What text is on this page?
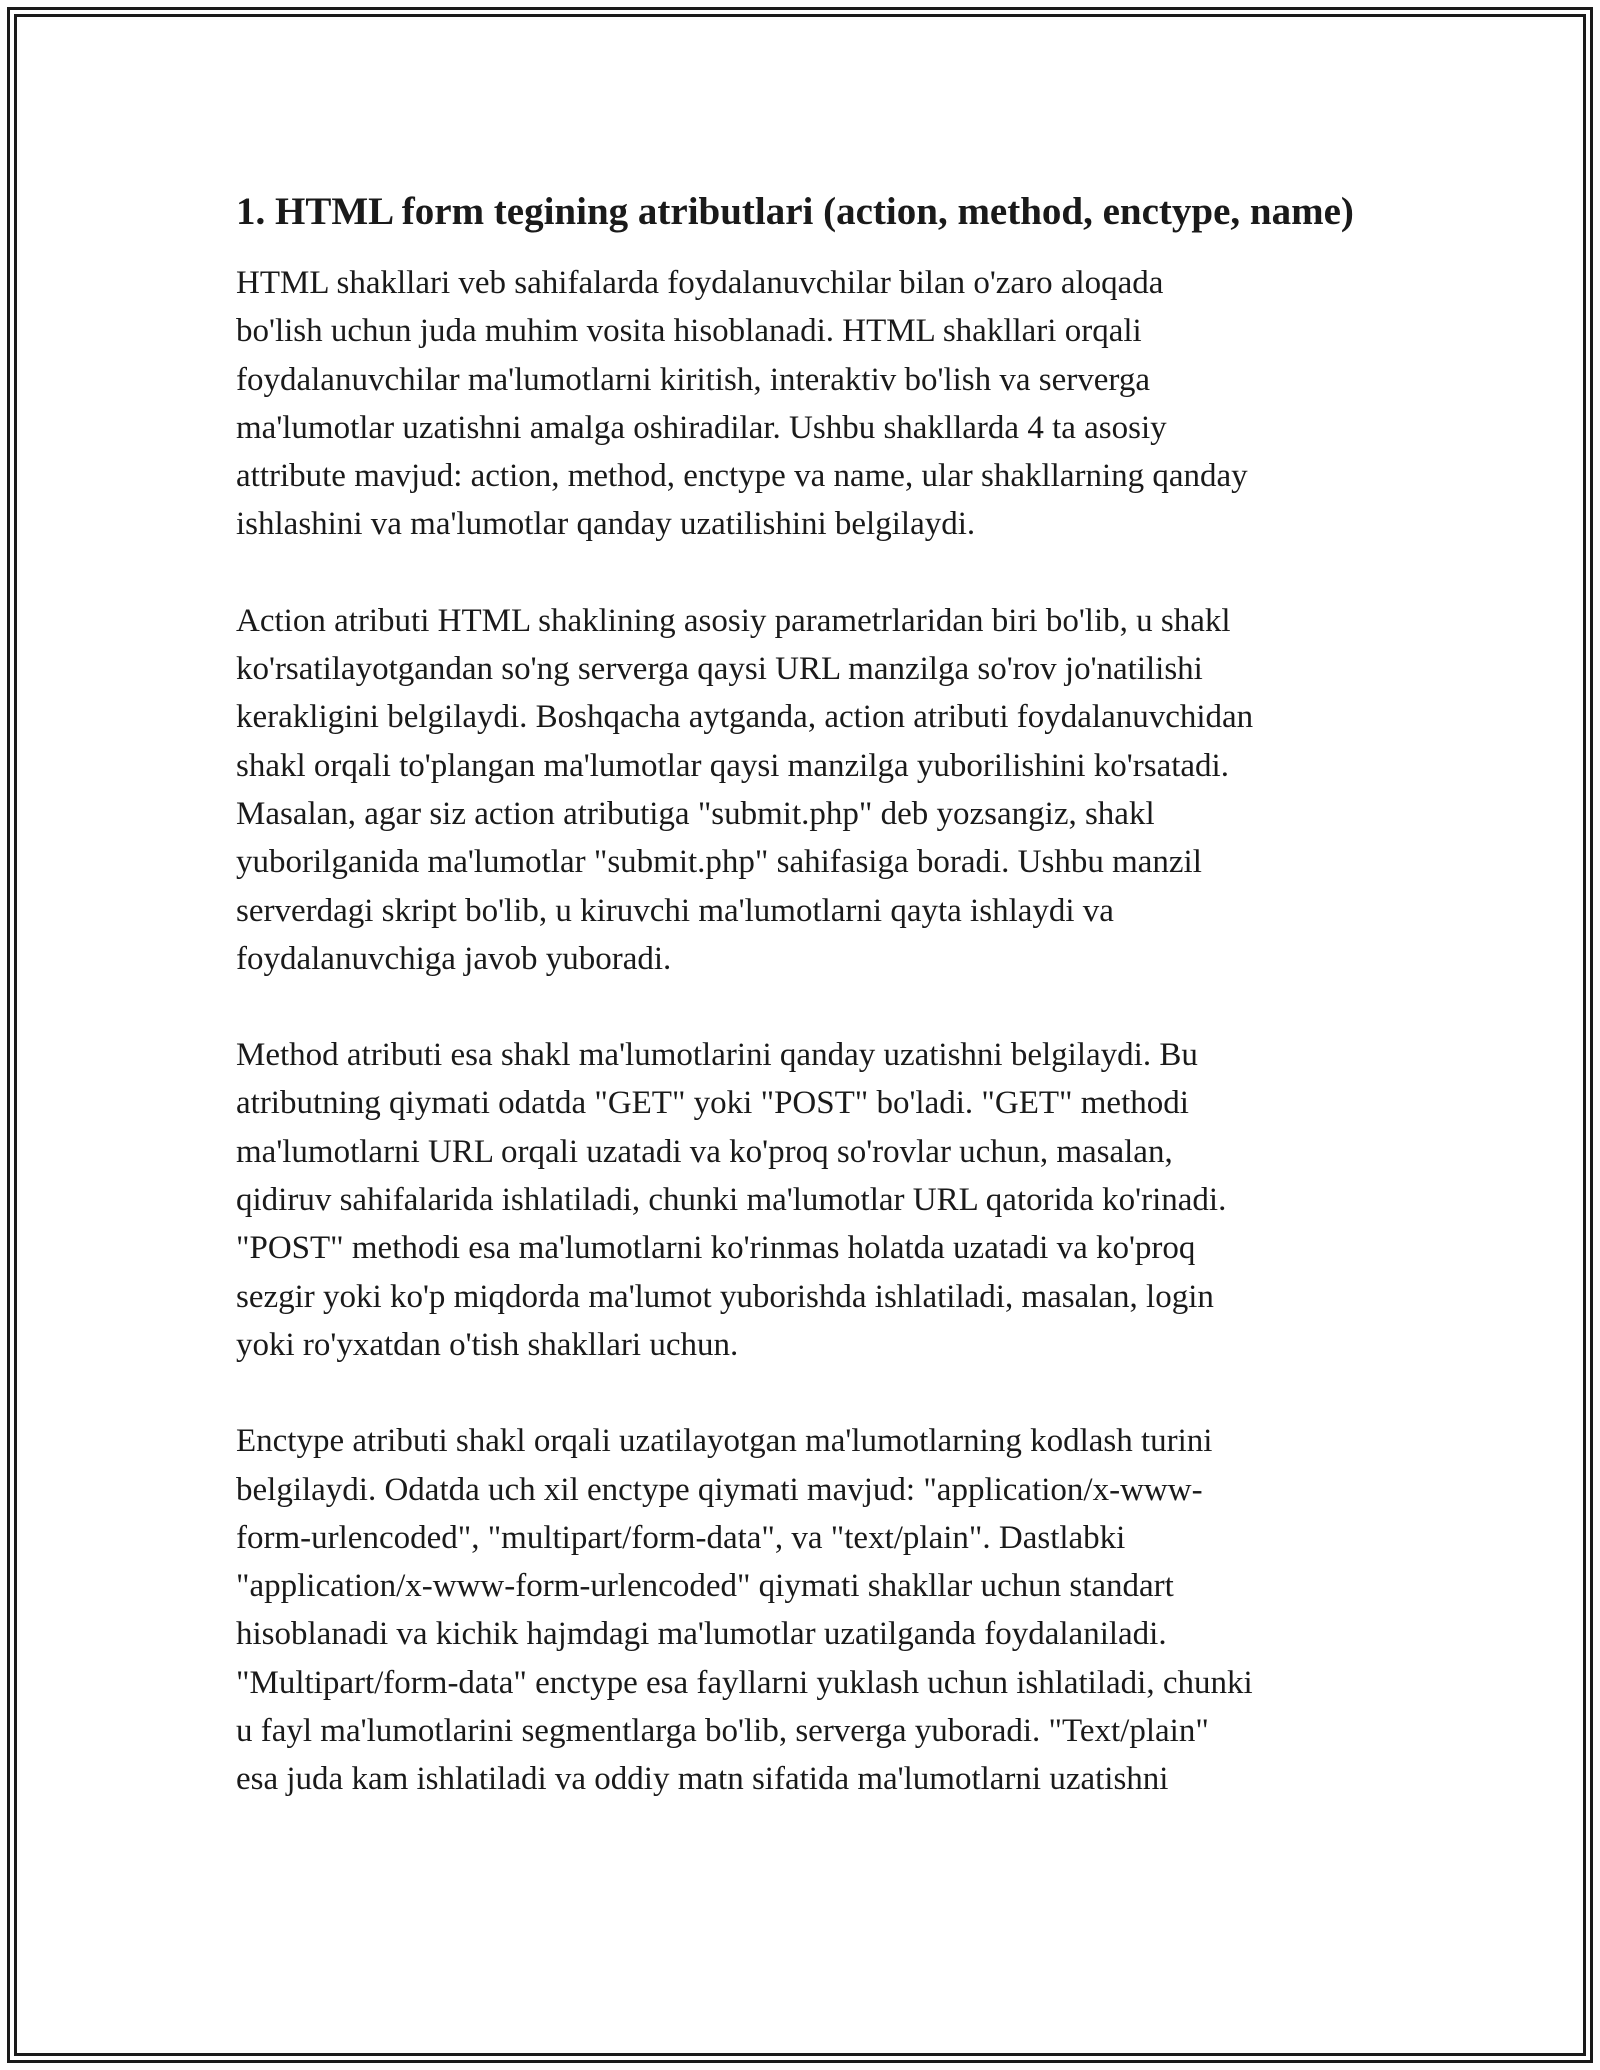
1. HTML form tegining atributlari (action, method, enctype, name)
HTML shakllari veb sahifalarda foydalanuvchilar bilan o'zaro aloqada
bo'lish uchun juda muhim vosita hisoblanadi. HTML shakllari orqali
foydalanuvchilar ma'lumotlarni kiritish, interaktiv bo'lish va serverga
ma'lumotlar uzatishni amalga oshiradilar. Ushbu shakllarda 4 ta asosiy
attribute mavjud: action, method, enctype va name, ular shakllarning qanday
ishlashini va ma'lumotlar qanday uzatilishini belgilaydi.
Action atributi HTML shaklining asosiy parametrlaridan biri bo'lib, u shakl
ko'rsatilayotgandan so'ng serverga qaysi URL manzilga so'rov jo'natilishi
kerakligini belgilaydi. Boshqacha aytganda, action atributi foydalanuvchidan
shakl orqali to'plangan ma'lumotlar qaysi manzilga yuborilishini ko'rsatadi.
Masalan, agar siz action atributiga "submit.php" deb yozsangiz, shakl
yuborilganida ma'lumotlar "submit.php" sahifasiga boradi. Ushbu manzil
serverdagi skript bo'lib, u kiruvchi ma'lumotlarni qayta ishlaydi va
foydalanuvchiga javob yuboradi.
Method atributi esa shakl ma'lumotlarini qanday uzatishni belgilaydi. Bu
atributning qiymati odatda "GET" yoki "POST" bo'ladi. "GET" methodi
ma'lumotlarni URL orqali uzatadi va ko'proq so'rovlar uchun, masalan,
qidiruv sahifalarida ishlatiladi, chunki ma'lumotlar URL qatorida ko'rinadi.
"POST" methodi esa ma'lumotlarni ko'rinmas holatda uzatadi va ko'proq
sezgir yoki ko'p miqdorda ma'lumot yuborishda ishlatiladi, masalan, login
yoki ro'yxatdan o'tish shakllari uchun.
Enctype atributi shakl orqali uzatilayotgan ma'lumotlarning kodlash turini
belgilaydi. Odatda uch xil enctype qiymati mavjud: "application/x-www-
form-urlencoded", "multipart/form-data", va "text/plain". Dastlabki
"application/x-www-form-urlencoded" qiymati shakllar uchun standart
hisoblanadi va kichik hajmdagi ma'lumotlar uzatilganda foydalaniladi.
"Multipart/form-data" enctype esa fayllarni yuklash uchun ishlatiladi, chunki
u fayl ma'lumotlarini segmentlarga bo'lib, serverga yuboradi. "Text/plain"
esa juda kam ishlatiladi va oddiy matn sifatida ma'lumotlarni uzatishni
